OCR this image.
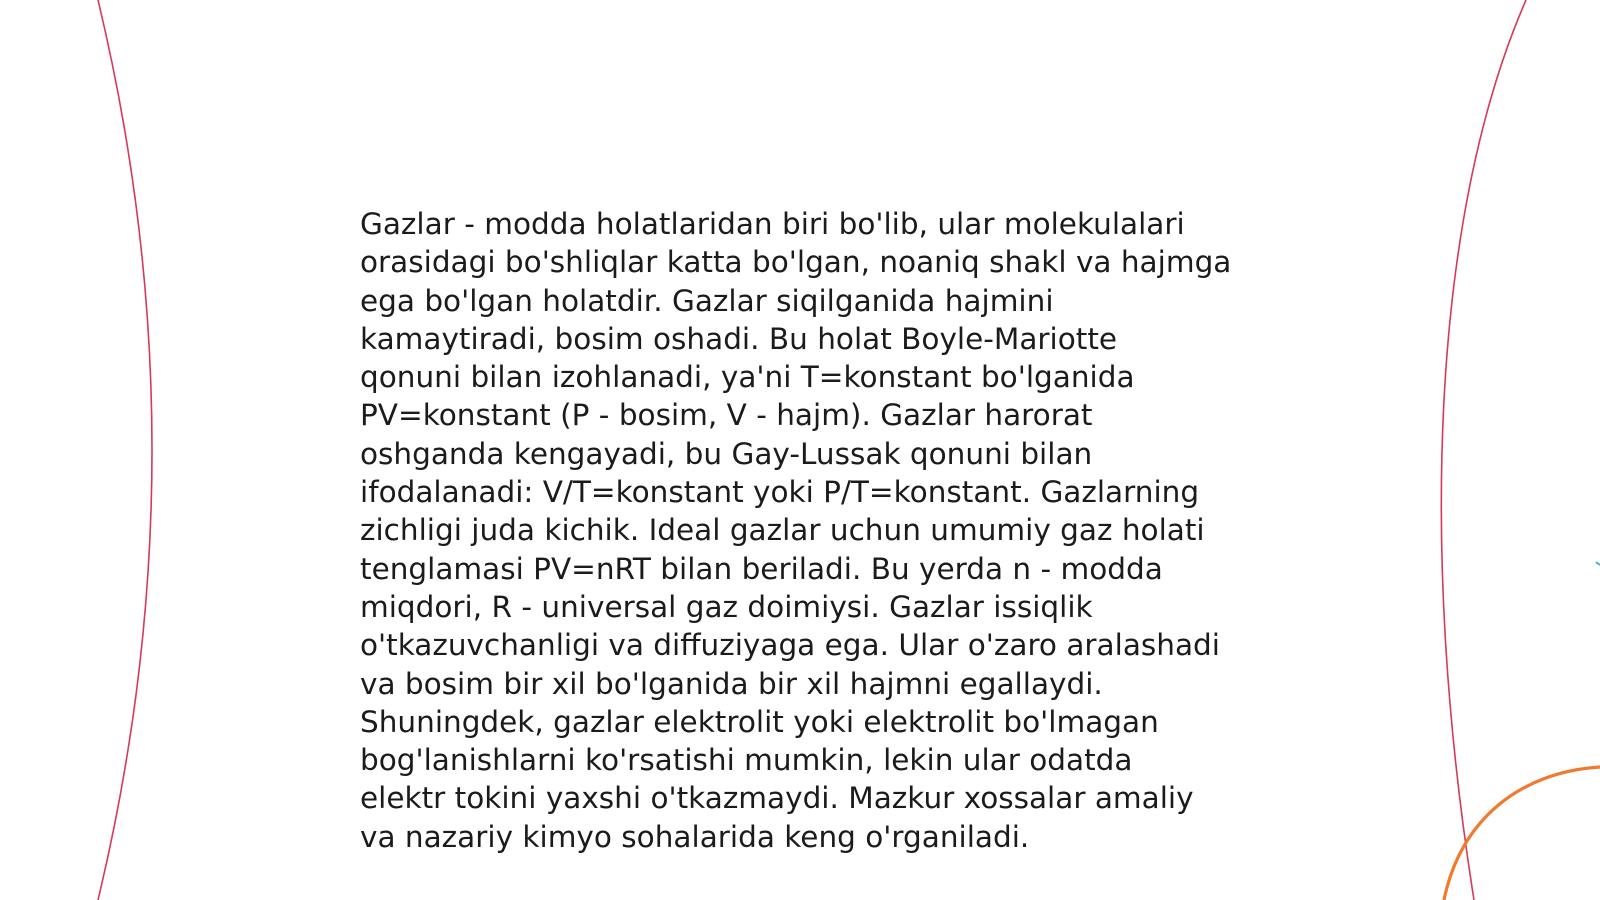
Gazlar - modda holatlaridan biri bo'lib, ular molekulalari
orasidagi bo'shliqlar katta bo'lgan, noaniq shakl va hajmga
ega bo'lgan holatdir. Gazlar siqilganida hajmini
kamaytiradi, bosim oshadi. Bu holat Boyle-Mariotte
qonuni bilan izohlanadi, ya'ni T=konstant bo'lganida
PV=konstant (P - bosim, V - hajm). Gazlar harorat
oshganda kengayadi, bu Gay-Lussak qonuni bilan
ifodalanadi: V/T=konstant yoki P/T=konstant. Gazlarning
zichligi juda kichik. Ideal gazlar uchun umumiy gaz holati
tenglamasi PV=nRT bilan beriladi. Bu yerda n - modda
miqdori, R - universal gaz doimiysi. Gazlar issiqlik
o'tkazuvchanligi va diffuziyaga ega. Ular o'zaro aralashadi
va bosim bir xil bo'lganida bir xil hajmni egallaydi.
Shuningdek, gazlar elektrolit yoki elektrolit bo'lmagan
bog'lanishlarni ko'rsatishi mumkin, lekin ular odatda
elektr tokini yaxshi o'tkazmaydi. Mazkur xossalar amaliy
va nazariy kimyo sohalarida keng o'rganiladi.
